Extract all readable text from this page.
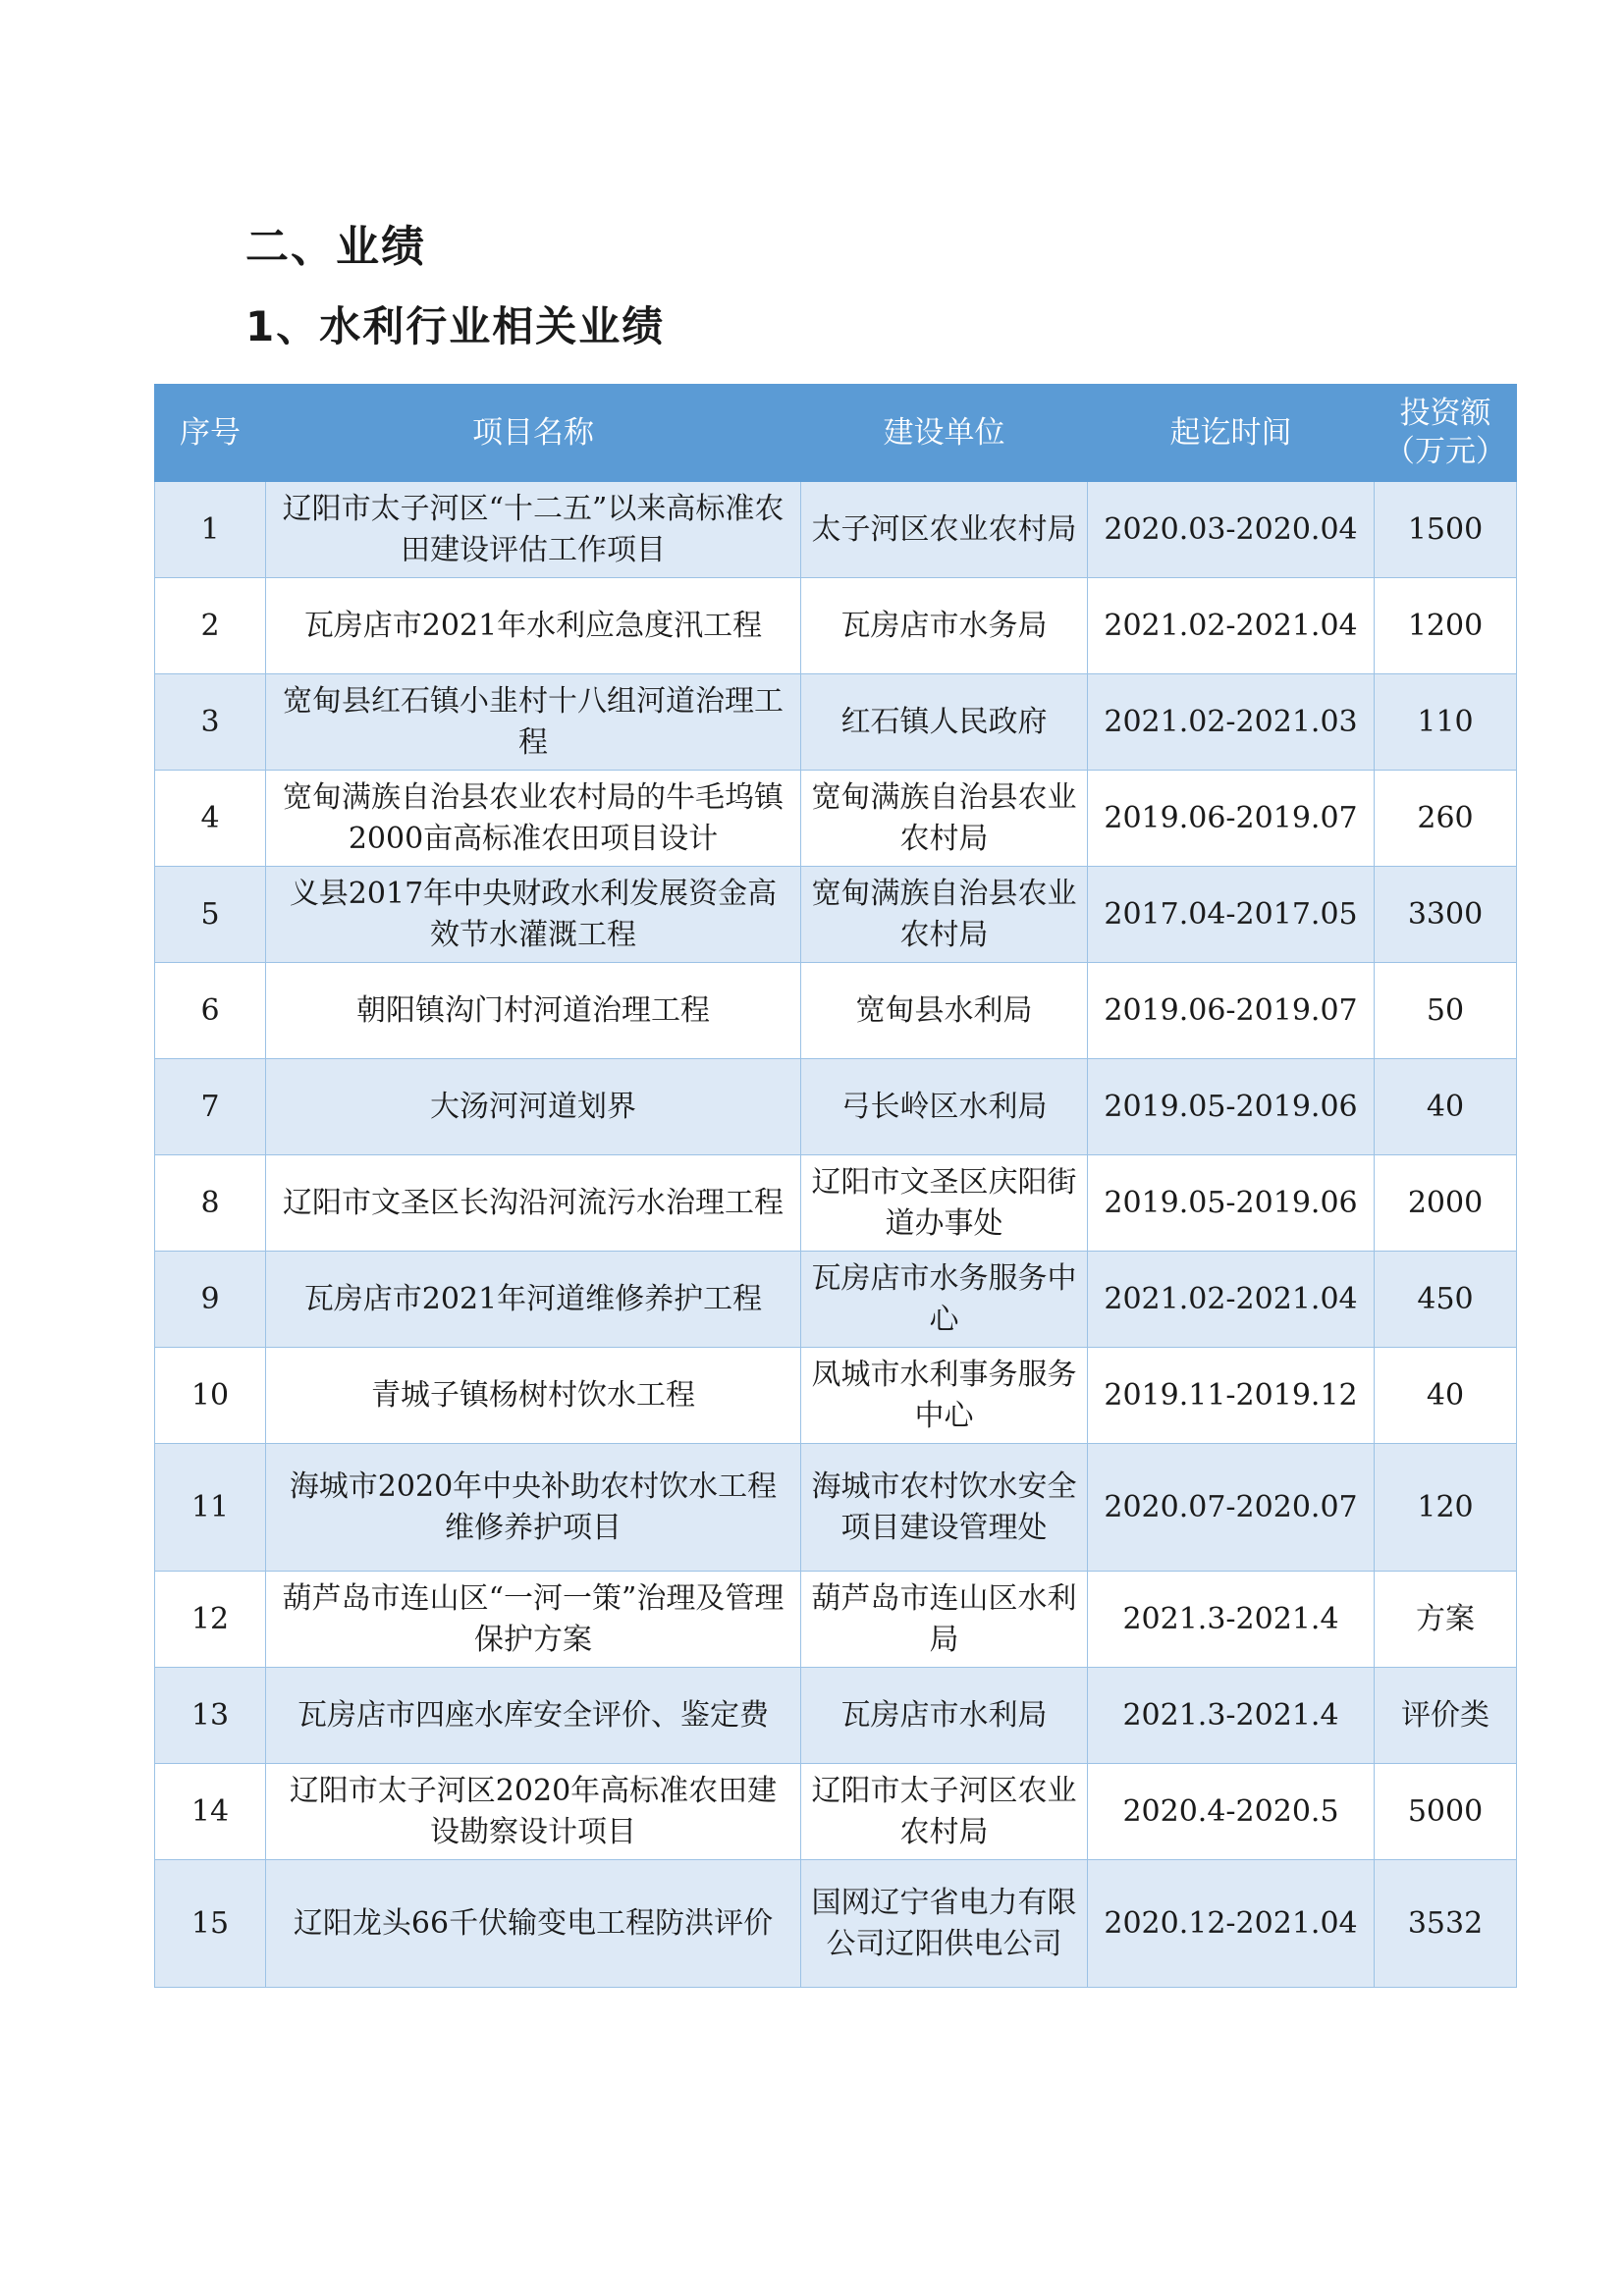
二、业绩
1、水利行业相关业绩
序号	项目名称	建设单位	起讫时间	投资额
（万元）
1	辽阳市太子河区“十二五”以来高标准农田建设评估工作项目	太子河区农业农村局	2020.03-2020.04	1500
2	瓦房店市2021年水利应急度汛工程	瓦房店市水务局	2021.02-2021.04	1200
3	宽甸县红石镇小韭村十八组河道治理工程	红石镇人民政府	2021.02-2021.03	110
4	宽甸满族自治县农业农村局的牛毛坞镇2000亩高标准农田项目设计	宽甸满族自治县农业农村局	2019.06-2019.07	260
5	义县2017年中央财政水利发展资金高效节水灌溉工程	宽甸满族自治县农业农村局	2017.04-2017.05	3300
6	朝阳镇沟门村河道治理工程	宽甸县水利局	2019.06-2019.07	50
7	大汤河河道划界	弓长岭区水利局	2019.05-2019.06	40
8	辽阳市文圣区长沟沿河流污水治理工程	辽阳市文圣区庆阳街道办事处	2019.05-2019.06	2000
9	瓦房店市2021年河道维修养护工程	瓦房店市水务服务中心	2021.02-2021.04	450
10	青城子镇杨树村饮水工程	凤城市水利事务服务中心	2019.11-2019.12	40
11	海城市2020年中央补助农村饮水工程维修养护项目	海城市农村饮水安全项目建设管理处	2020.07-2020.07	120
12	葫芦岛市连山区“一河一策”治理及管理保护方案	葫芦岛市连山区水利局	2021.3-2021.4	方案
13	瓦房店市四座水库安全评价、鉴定费	瓦房店市水利局	2021.3-2021.4	评价类
14	辽阳市太子河区2020年高标准农田建设勘察设计项目	辽阳市太子河区农业农村局	2020.4-2020.5	5000
15	辽阳龙头66千伏输变电工程防洪评价	国网辽宁省电力有限公司辽阳供电公司	2020.12-2021.04	3532
